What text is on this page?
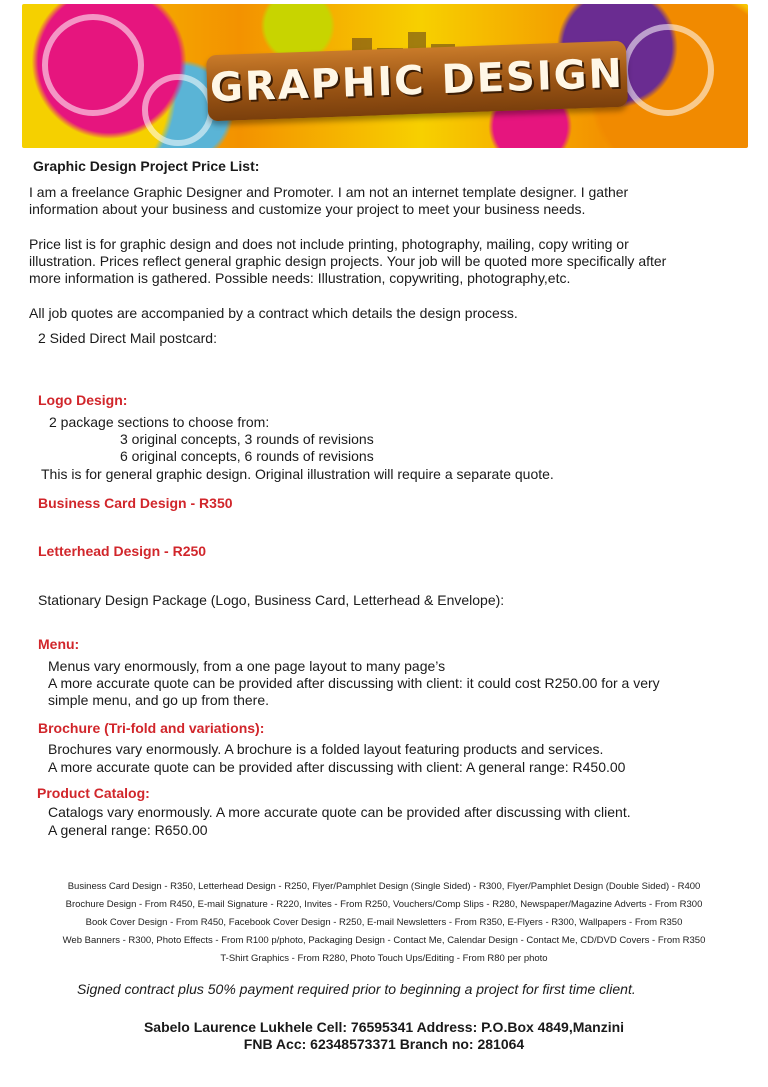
GRAPHIC DESIGN
Graphic Design Project Price List:
I am a freelance Graphic Designer and Promoter. I am not an internet template designer. I gather
information about your business and customize your project to meet your business needs.
Price list is for graphic design and does not include printing, photography, mailing, copy writing or
illustration. Prices reflect general graphic design projects. Your job will be quoted more specifically after
more information is gathered. Possible needs: Illustration, copywriting, photography,etc.
All job quotes are accompanied by a contract which details the design process.
2 Sided Direct Mail postcard:
Logo Design:
2 package sections to choose from:
3 original concepts, 3 rounds of revisions
6 original concepts, 6 rounds of revisions
This is for general graphic design. Original illustration will require a separate quote.
Business Card Design - R350
Letterhead Design - R250
Stationary Design Package (Logo, Business Card, Letterhead & Envelope):
Menu:
Menus vary enormously, from a one page layout to many page’s
A more accurate quote can be provided after discussing with client: it could cost R250.00 for a very
simple menu, and go up from there.
Brochure (Tri-fold and variations):
Brochures vary enormously. A brochure is a folded layout featuring products and services.
A more accurate quote can be provided after discussing with client: A general range: R450.00
Product Catalog:
Catalogs vary enormously. A more accurate quote can be provided after discussing with client.
A general range: R650.00
Business Card Design - R350, Letterhead Design - R250, Flyer/Pamphlet Design (Single Sided) - R300, Flyer/Pamphlet Design (Double Sided) - R400
Brochure Design - From R450, E-mail Signature - R220, Invites - From R250, Vouchers/Comp Slips - R280, Newspaper/Magazine Adverts - From R300
Book Cover Design - From R450, Facebook Cover Design - R250, E-mail Newsletters - From R350, E-Flyers - R300, Wallpapers - From R350
Web Banners - R300, Photo Effects - From R100 p/photo, Packaging Design - Contact Me, Calendar Design - Contact Me, CD/DVD Covers - From R350
T-Shirt Graphics - From R280, Photo Touch Ups/Editing - From R80 per photo
Signed contract plus 50% payment required prior to beginning a project for first time client.
Sabelo Laurence Lukhele Cell: 76595341 Address: P.O.Box 4849,Manzini
FNB Acc: 62348573371 Branch no: 281064
